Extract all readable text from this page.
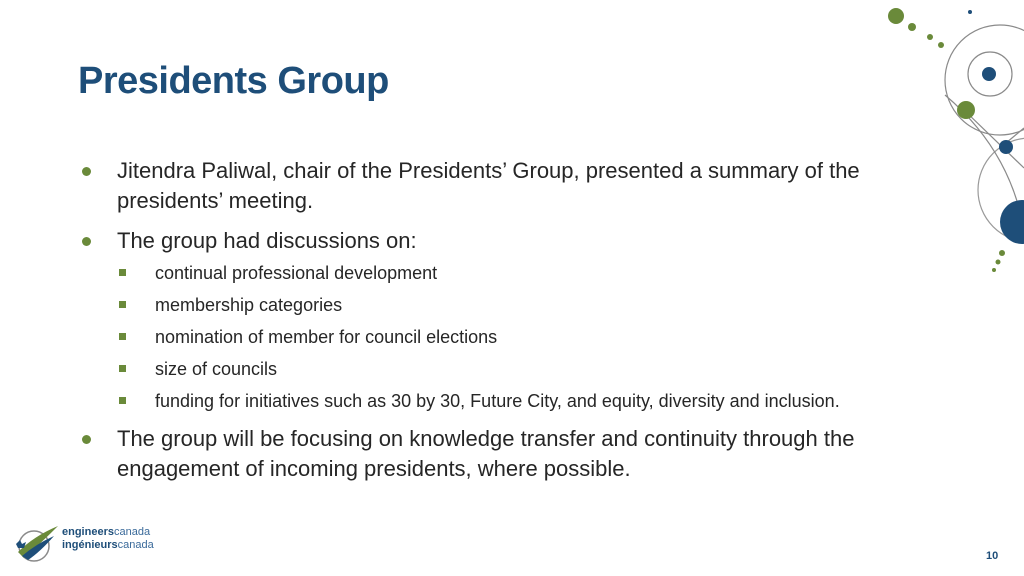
Presidents Group
Jitendra Paliwal, chair of the Presidents’ Group, presented a summary of the presidents’ meeting.
The group had discussions on:
continual professional development
membership categories
nomination of member for council elections
size of councils
funding for initiatives such as 30 by 30, Future City, and equity, diversity and inclusion.
The group will be focusing on knowledge transfer and continuity through the engagement of incoming presidents, where possible.
engineerscanada
ingénieurscanada
10
